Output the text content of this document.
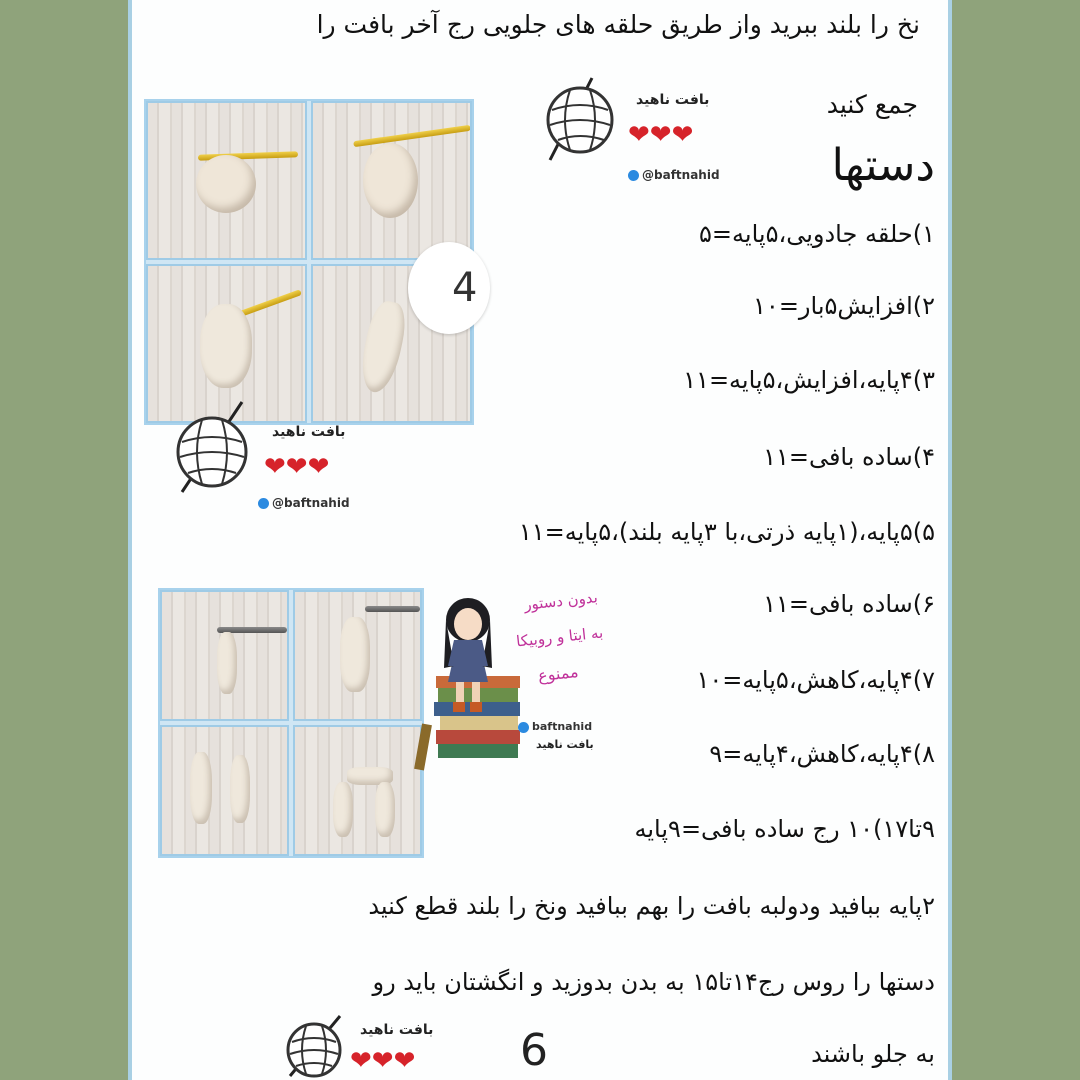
نخ را بلند ببرید واز طریق حلقه های جلویی رج آخر بافت را
جمع کنید
دستها
۱)حلقه جادویی،۵پایه=۵
۲)افزایش۵بار=۱۰
۳)۴پایه،افزایش،۵پایه=۱۱
۴)ساده بافی=۱۱
۵)۵پایه،(۱پایه ذرتی،با ۳پایه بلند)،۵پایه=۱۱
۶)ساده بافی=۱۱
۷)۴پایه،کاهش،۵پایه=۱۰
۸)۴پایه،کاهش،۴پایه=۹
۹تا۱۷)۱۰ رج ساده بافی=۹پایه
۲پایه ببافید ودولبه بافت را بهم ببافید ونخ را بلند قطع کنید
دستها را روس رج۱۴تا۱۵ به بدن بدوزید و انگشتان باید رو
به جلو باشند
6
4
بافت ناهید
❤❤❤
@baftnahid
بافت ناهید
❤❤❤
@baftnahid
بافت ناهید
❤❤❤
بدون دستور
به ایتا و روبیکا
ممنوع
baftnahid
بافت ناهید
